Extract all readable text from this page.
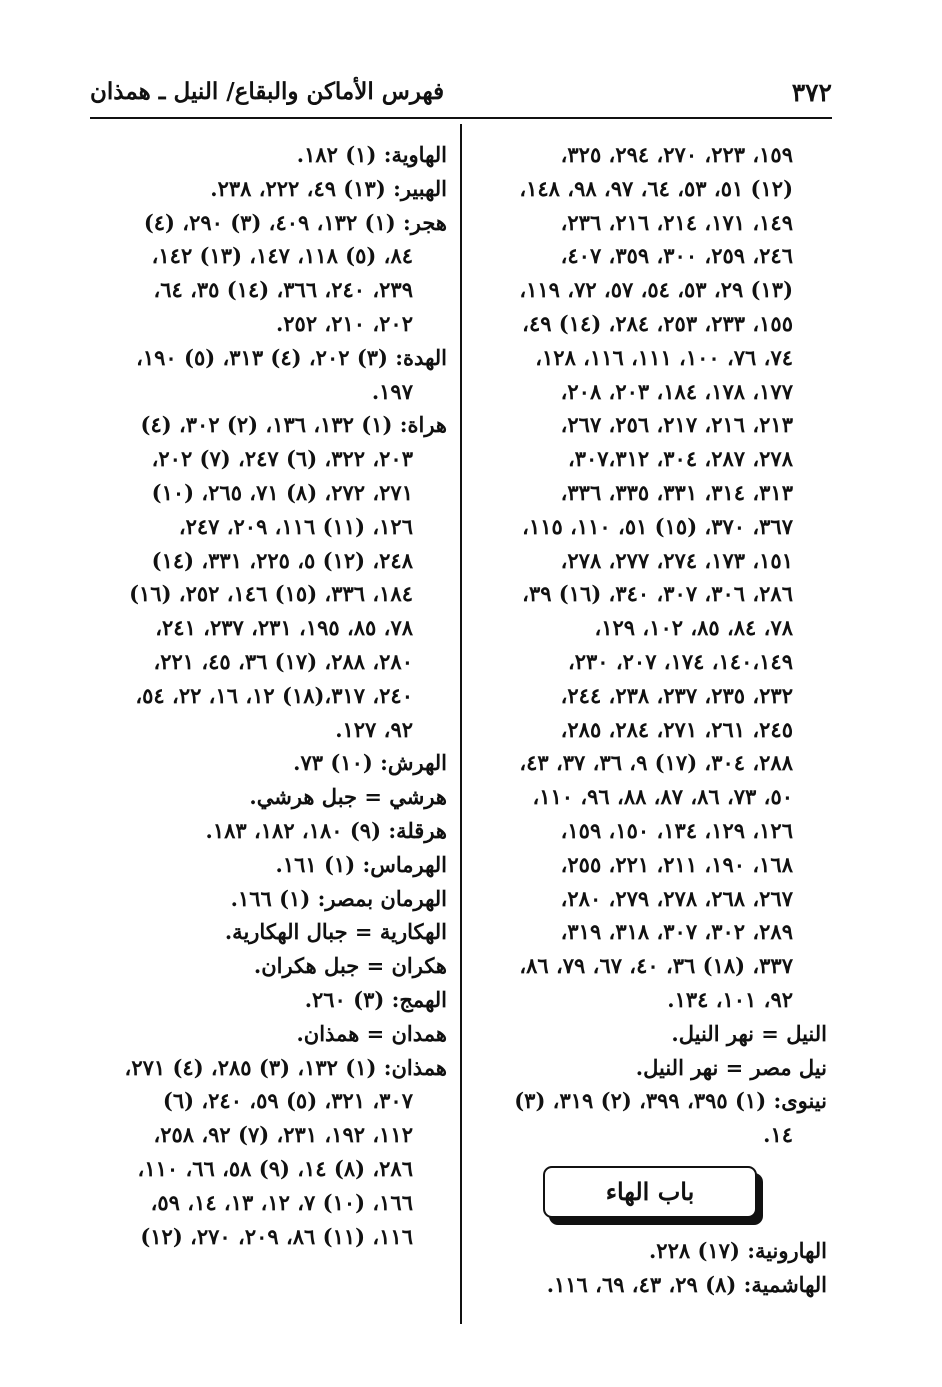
٣٧٢
فهرس الأماكن والبقاع/ النيل ـ همذان
١٥٩، ٢٢٣، ٢٧٠، ٢٩٤، ٣٢٥،
(١٢) ٥١، ٥٣، ٦٤، ٩٧، ٩٨، ١٤٨،
١٤٩، ١٧١، ٢١٤، ٢١٦، ٢٣٦،
٢٤٦، ٢٥٩، ٣٠٠، ٣٥٩، ٤٠٧،
(١٣) ٢٩، ٥٣، ٥٤، ٥٧، ٧٢، ١١٩،
١٥٥، ٢٣٣، ٢٥٣، ٢٨٤، (١٤) ٤٩،
٧٤، ٧٦، ١٠٠، ١١١، ١١٦، ١٢٨،
١٧٧، ١٧٨، ١٨٤، ٢٠٣، ٢٠٨،
٢١٣، ٢١٦، ٢١٧، ٢٥٦، ٢٦٧،
٢٧٨، ٢٨٧، ٣٠٤، ٣٠٧،٣١٢،
٣١٣، ٣١٤، ٣٣١، ٣٣٥، ٣٣٦،
٣٦٧، ٣٧٠، (١٥) ٥١، ١١٠، ١١٥،
١٥١، ١٧٣، ٢٧٤، ٢٧٧، ٢٧٨،
٢٨٦، ٣٠٦، ٣٠٧، ٣٤٠، (١٦) ٣٩،
٧٨، ٨٤، ٨٥، ١٠٢، ١٢٩،
١٤٠،١٤٩، ١٧٤، ٢٠٧، ٢٣٠،
٢٣٢، ٢٣٥، ٢٣٧، ٢٣٨، ٢٤٤،
٢٤٥، ٢٦١، ٢٧١، ٢٨٤، ٢٨٥،
٢٨٨، ٣٠٤، (١٧) ٩، ٣٦، ٣٧، ٤٣،
٥٠، ٧٣، ٨٦، ٨٧، ٨٨، ٩٦، ١١٠،
١٢٦، ١٢٩، ١٣٤، ١٥٠، ١٥٩،
١٦٨، ١٩٠، ٢١١، ٢٢١، ٢٥٥،
٢٦٧، ٢٦٨، ٢٧٨، ٢٧٩، ٢٨٠،
٢٨٩، ٣٠٢، ٣٠٧، ٣١٨، ٣١٩،
٣٣٧، (١٨) ٣٦، ٤٠، ٦٧، ٧٩، ٨٦،
٩٢، ١٠١، ١٣٤.
النيل = نهر النيل.
نيل مصر = نهر النيل.
نينوى: (١) ٣٩٥، ٣٩٩، (٢) ٣١٩، (٣)
١٤.
باب الهاء
الهارونية: (١٧) ٢٢٨.
الهاشمية: (٨) ٢٩، ٤٣، ٦٩، ١١٦.
الهاوية: (١) ١٨٢.
الهبير: (١٣) ٤٩، ٢٢٢، ٢٣٨.
هجر: (١) ١٣٢، ٤٠٩، (٣) ٢٩٠، (٤)
٨٤، (٥) ١١٨، ١٤٧، (١٣) ١٤٢،
٢٣٩، ٢٤٠، ٣٦٦، (١٤) ٣٥، ٦٤،
٢٠٢، ٢١٠، ٢٥٢.
الهدة: (٣) ٢٠٢، (٤) ٣١٣، (٥) ١٩٠،
١٩٧.
هراة: (١) ١٣٢، ١٣٦، (٢) ٣٠٢، (٤)
٢٠٣، ٣٢٢، (٦) ٢٤٧، (٧) ٢٠٢،
٢٧١، ٢٧٢، (٨) ٧١، ٢٦٥، (١٠)
١٢٦، (١١) ١١٦، ٢٠٩، ٢٤٧،
٢٤٨، (١٢) ٥، ٢٢٥، ٣٣١، (١٤)
١٨٤، ٣٣٦، (١٥) ١٤٦، ٢٥٢، (١٦)
٧٨، ٨٥، ١٩٥، ٢٣١، ٢٣٧، ٢٤١،
٢٨٠، ٢٨٨، (١٧) ٣٦، ٤٥، ٢٢١،
٢٤٠، ٣١٧،(١٨) ١٢، ١٦، ٢٢، ٥٤،
٩٢، ١٢٧.
الهرش: (١٠) ٧٣.
هرشي = جبل هرشي.
هرقلة: (٩) ١٨٠، ١٨٢، ١٨٣.
الهرماس: (١) ١٦١.
الهرمان بمصر: (١) ١٦٦.
الهكارية = جبال الهكارية.
هكران = جبل هكران.
الهمج: (٣) ٢٦٠.
همدان = همذان.
همذان: (١) ١٣٢، (٣) ٢٨٥، (٤) ٢٧١،
٣٠٧، ٣٢١، (٥) ٥٩، ٢٤٠، (٦)
١١٢، ١٩٢، ٢٣١، (٧) ٩٢، ٢٥٨،
٢٨٦، (٨) ١٤، (٩) ٥٨، ٦٦، ١١٠،
١٦٦، (١٠) ٧، ١٢، ١٣، ١٤، ٥٩،
١١٦، (١١) ٨٦، ٢٠٩، ٢٧٠، (١٢)
